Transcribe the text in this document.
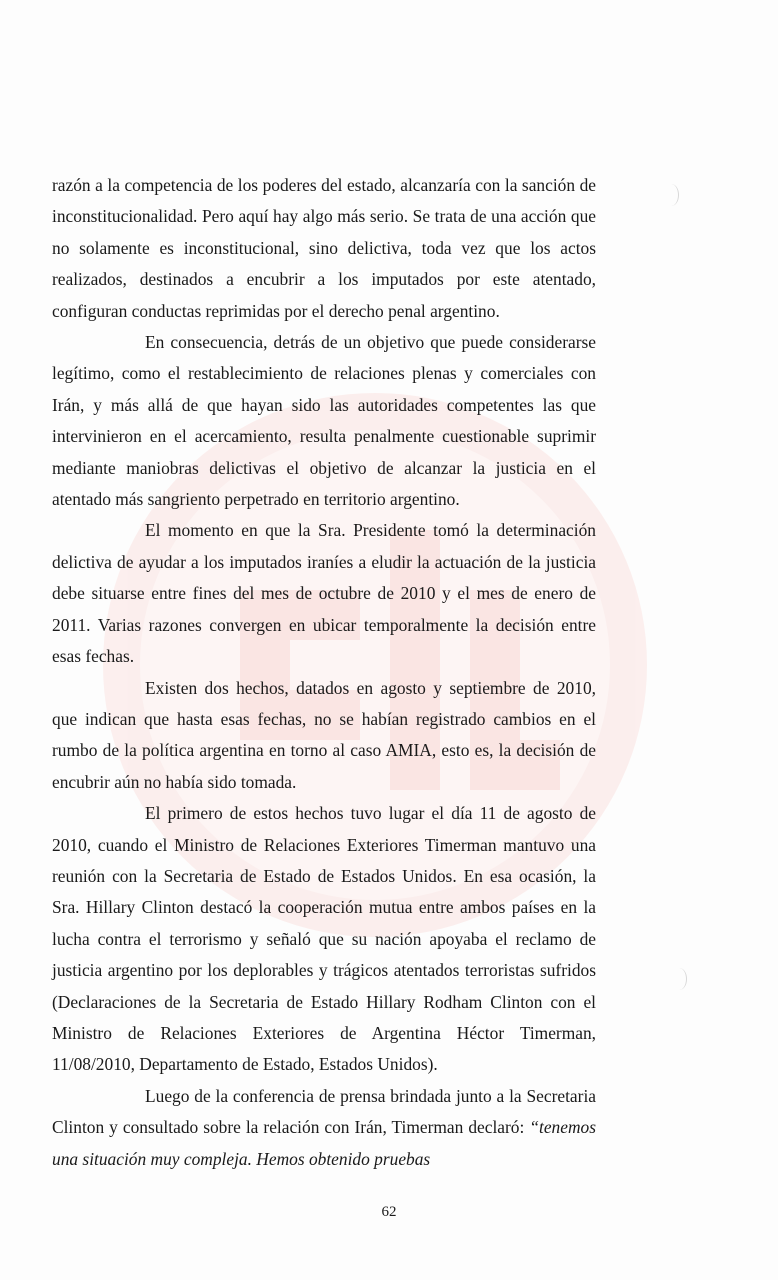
razón a la competencia de los poderes del estado, alcanzaría con la sanción de inconstitucionalidad. Pero aquí hay algo más serio. Se trata de una acción que no solamente es inconstitucional, sino delictiva, toda vez que los actos realizados, destinados a encubrir a los imputados por este atentado, configuran conductas reprimidas por el derecho penal argentino.

En consecuencia, detrás de un objetivo que puede considerarse legítimo, como el restablecimiento de relaciones plenas y comerciales con Irán, y más allá de que hayan sido las autoridades competentes las que intervinieron en el acercamiento, resulta penalmente cuestionable suprimir mediante maniobras delictivas el objetivo de alcanzar la justicia en el atentado más sangriento perpetrado en territorio argentino.

El momento en que la Sra. Presidente tomó la determinación delictiva de ayudar a los imputados iraníes a eludir la actuación de la justicia debe situarse entre fines del mes de octubre de 2010 y el mes de enero de 2011. Varias razones convergen en ubicar temporalmente la decisión entre esas fechas.

Existen dos hechos, datados en agosto y septiembre de 2010, que indican que hasta esas fechas, no se habían registrado cambios en el rumbo de la política argentina en torno al caso AMIA, esto es, la decisión de encubrir aún no había sido tomada.

El primero de estos hechos tuvo lugar el día 11 de agosto de 2010, cuando el Ministro de Relaciones Exteriores Timerman mantuvo una reunión con la Secretaria de Estado de Estados Unidos. En esa ocasión, la Sra. Hillary Clinton destacó la cooperación mutua entre ambos países en la lucha contra el terrorismo y señaló que su nación apoyaba el reclamo de justicia argentino por los deplorables y trágicos atentados terroristas sufridos (Declaraciones de la Secretaria de Estado Hillary Rodham Clinton con el Ministro de Relaciones Exteriores de Argentina Héctor Timerman, 11/08/2010, Departamento de Estado, Estados Unidos).

Luego de la conferencia de prensa brindada junto a la Secretaria Clinton y consultado sobre la relación con Irán, Timerman declaró: “tenemos una situación muy compleja. Hemos obtenido pruebas

62
